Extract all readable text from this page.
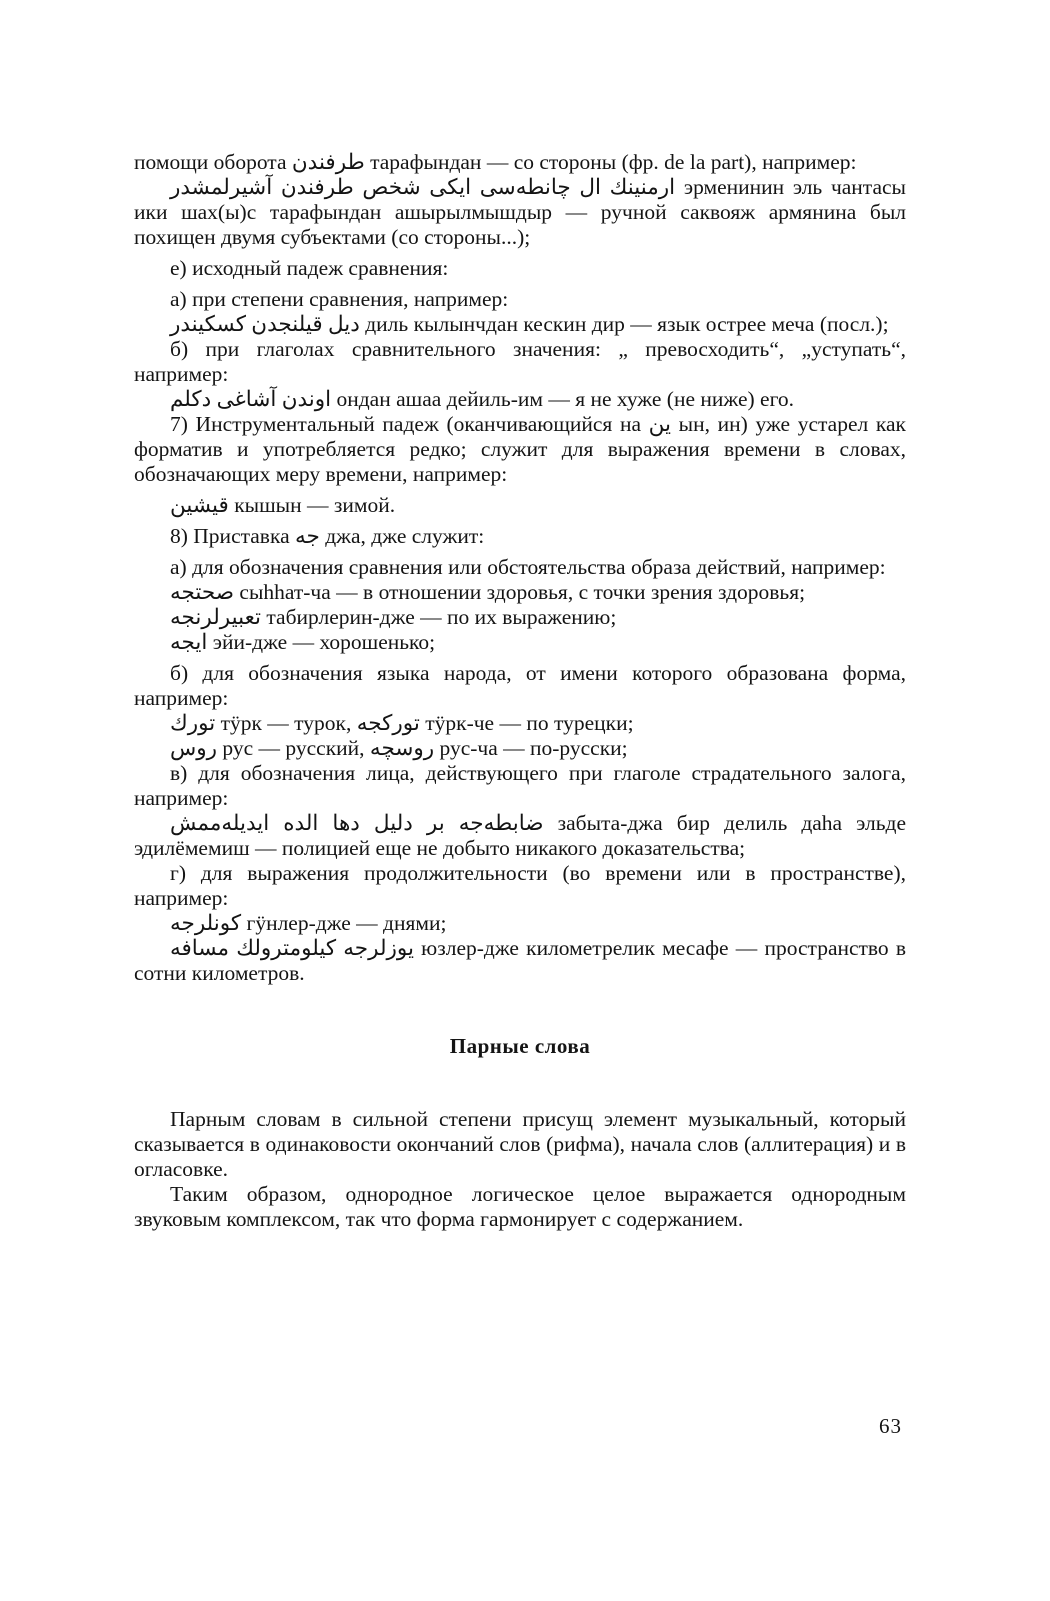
помощи оборота طرفندن тарафындан — со стороны (фр. de la part), например:

ارمنينك ال چانطەسى ايكى شخص طرفندن آشيرلمشدر эрменинин эль чантасы ики шах(ы)с тарафындан ашырылмышдыр — ручной саквояж армянина был похищен двумя субъектами (со стороны...);

е) исходный падеж сравнения:

а) при степени сравнения, например:

ديل قيلنجدن كسكيندر диль кылынчдан кескин дир — язык острее меча (посл.);

б) при глаголах сравнительного значения: „ превосходить“, „уступать“, например:

اوندن آشاغى دكلم ондан ашаа дейиль-им — я не хуже (не ниже) его.

7) Инструментальный падеж (оканчивающийся на ين ын, ин) уже устарел как форматив и употребляется редко; служит для выражения времени в словах, обозначающих меру времени, например:

قيشين кышын — зимой.

8) Приставка جه джа, дже служит:

а) для обозначения сравнения или обстоятельства образа действий, например:

صحتجه сыhhат-ча — в отношении здоровья, с точки зрения здоровья;

تعبيرلرنجه табирлерин-дже — по их выражению;

ايجه эйи-дже — хорошенько;

б) для обозначения языка народа, от имени которого образована форма, например:

تورك тӱрк — турок, توركجه тӱрк-че — по турецки;

روس рус — русский, روسچه рус-ча — по-русски;

в) для обозначения лица, действующего при глаголе страдательного залога, например:

ضابطەجه بر دليل دها الده ايديلەممش забыта-джа бир делиль даhа эльде эдилёмемиш — полицией еще не добыто никакого доказательства;

г) для выражения продолжительности (во времени или в пространстве), например:

كونلرجه гӱнлер-дже — днями;

يوزلرجه كيلومترولك مسافه юзлер-дже километрелик месафе — пространство в сотни километров.

Парные слова

Парным словам в сильной степени присущ элемент музыкальный, который сказывается в одинаковости окончаний слов (рифма), начала слов (аллитерация) и в огласовке.

Таким образом, однородное логическое целое выражается однородным звуковым комплексом, так что форма гармонирует с содержанием.

63
